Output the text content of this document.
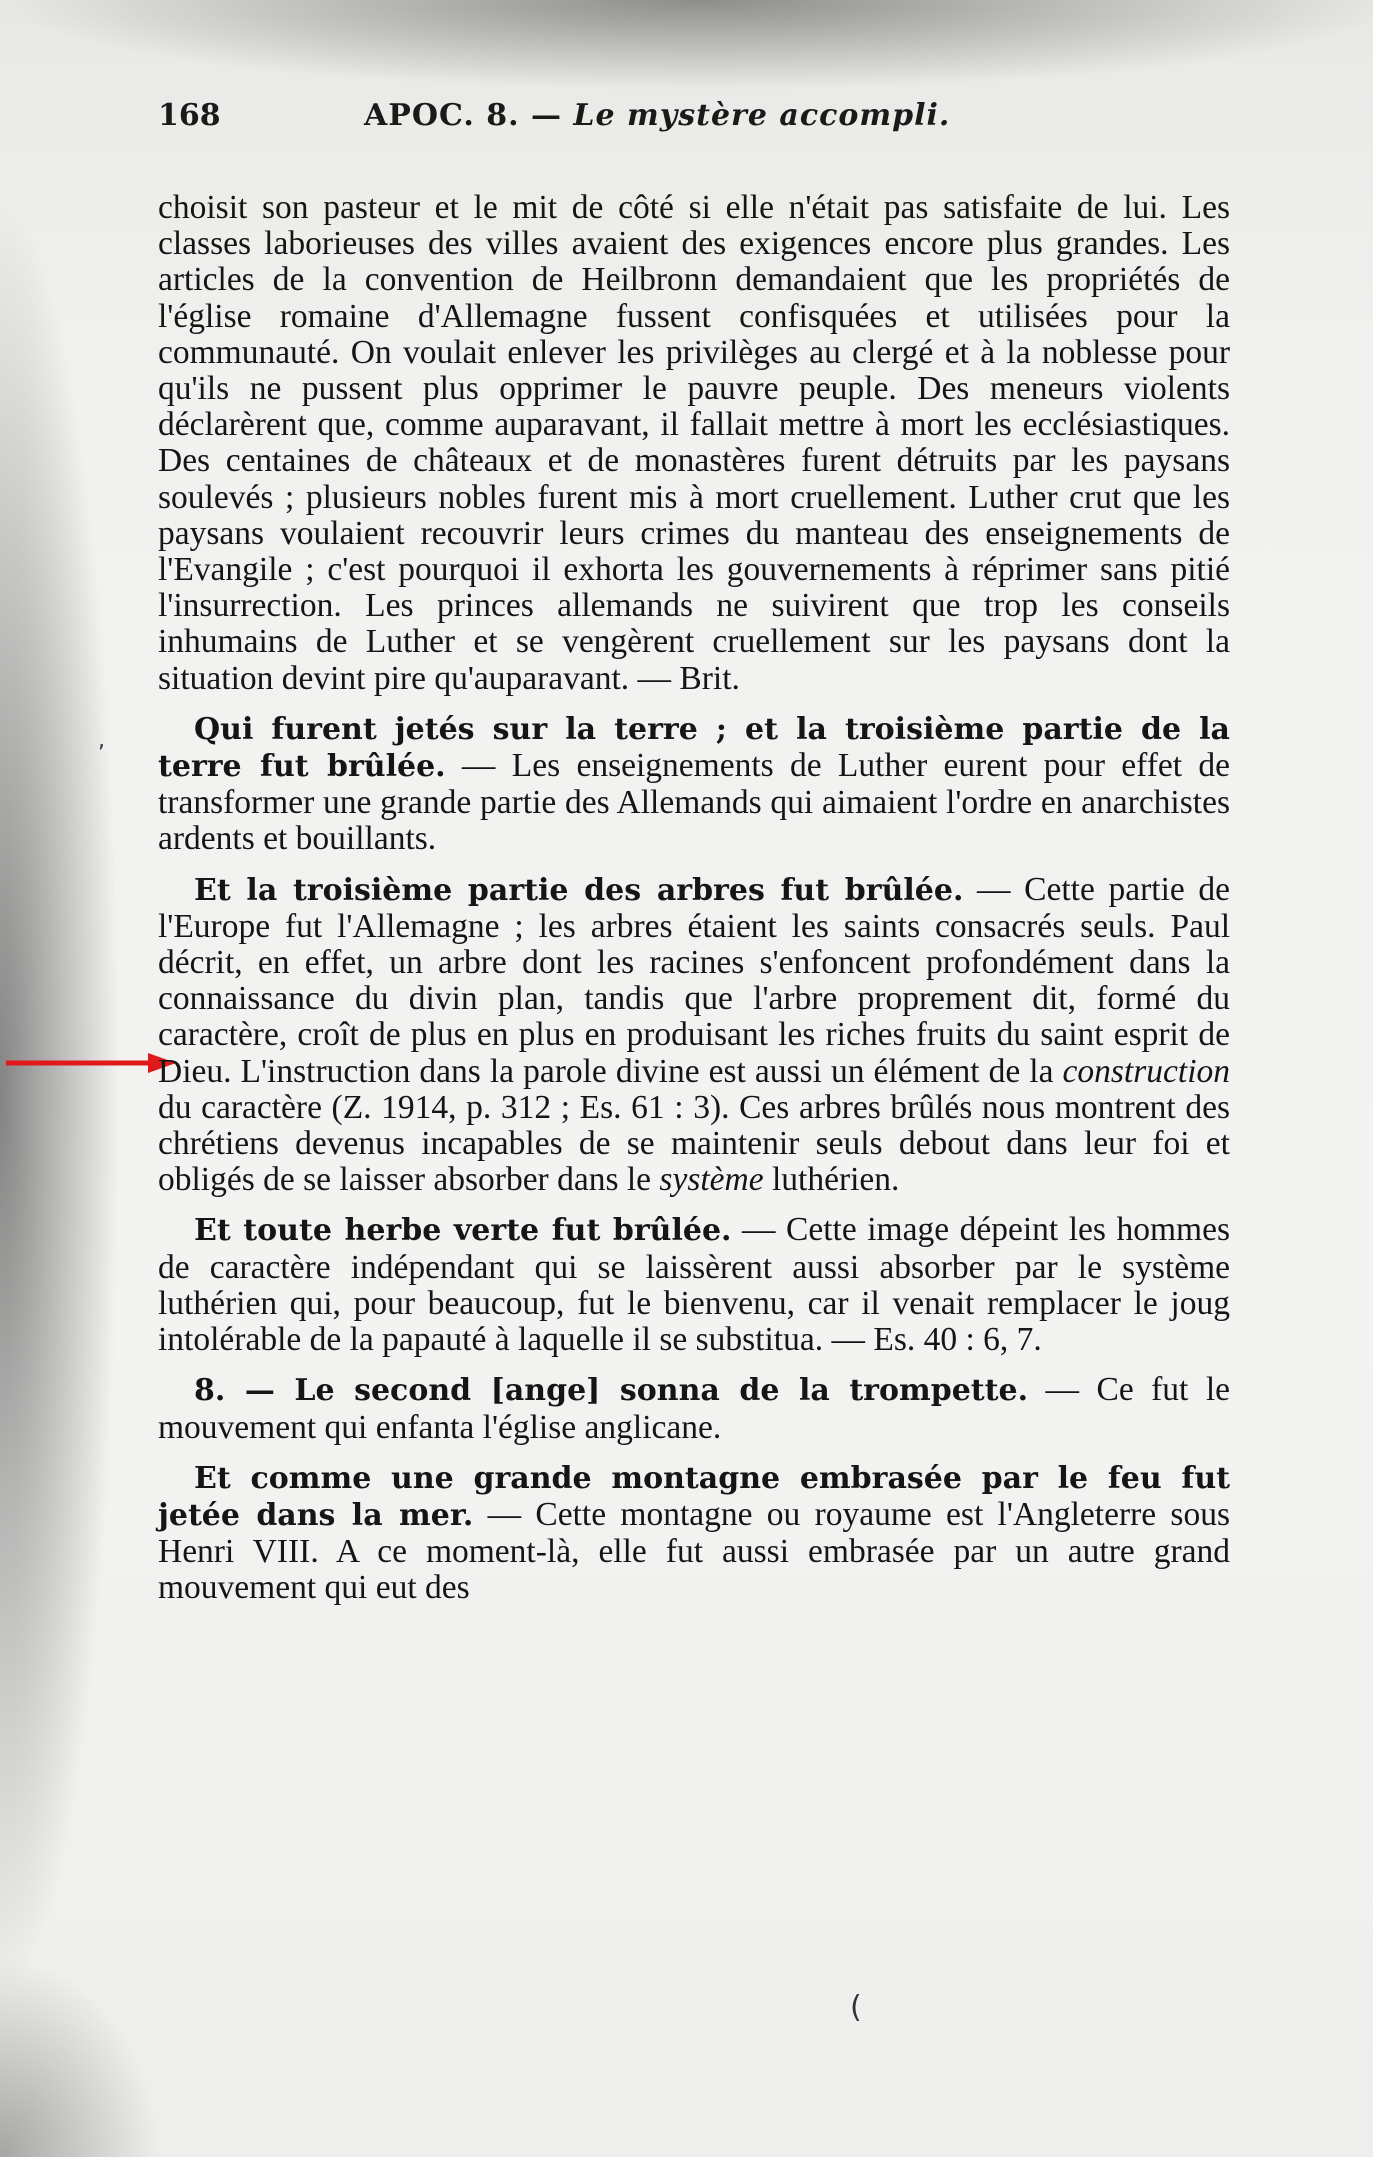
168	APOC. 8. — Le mystère accompli.

choisit son pasteur et le mit de côté si elle n'était pas satisfaite de lui. Les classes laborieuses des villes avaient des exigences encore plus grandes. Les articles de la convention de Heilbronn demandaient que les propriétés de l'église romaine d'Allemagne fussent confisquées et utilisées pour la communauté. On voulait enlever les privilèges au clergé et à la noblesse pour qu'ils ne pussent plus opprimer le pauvre peuple. Des meneurs violents déclarèrent que, comme auparavant, il fallait mettre à mort les ecclésiastiques. Des centaines de châteaux et de monastères furent détruits par les paysans soulevés ; plusieurs nobles furent mis à mort cruellement. Luther crut que les paysans voulaient recouvrir leurs crimes du manteau des enseignements de l'Evangile ; c'est pourquoi il exhorta les gouvernements à réprimer sans pitié l'insurrection. Les princes allemands ne suivirent que trop les conseils inhumains de Luther et se vengèrent cruellement sur les paysans dont la situation devint pire qu'auparavant. — Brit.

Qui furent jetés sur la terre ; et la troisième partie de la terre fut brûlée. — Les enseignements de Luther eurent pour effet de transformer une grande partie des Allemands qui aimaient l'ordre en anarchistes ardents et bouillants.

Et la troisième partie des arbres fut brûlée. — Cette partie de l'Europe fut l'Allemagne ; les arbres étaient les saints consacrés seuls. Paul décrit, en effet, un arbre dont les racines s'enfoncent profondément dans la connaissance du divin plan, tandis que l'arbre proprement dit, formé du caractère, croît de plus en plus en produisant les riches fruits du saint esprit de Dieu. L'instruction dans la parole divine est aussi un élément de la construction du caractère (Z. 1914, p. 312 ; Es. 61 : 3). Ces arbres brûlés nous montrent des chrétiens devenus incapables de se maintenir seuls debout dans leur foi et obligés de se laisser absorber dans le système luthérien.

Et toute herbe verte fut brûlée. — Cette image dépeint les hommes de caractère indépendant qui se laissèrent aussi absorber par le système luthérien qui, pour beaucoup, fut le bienvenu, car il venait remplacer le joug intolérable de la papauté à laquelle il se substitua. — Es. 40 : 6, 7.

8. — Le second [ange] sonna de la trompette. — Ce fut le mouvement qui enfanta l'église anglicane.

Et comme une grande montagne embrasée par le feu fut jetée dans la mer. — Cette montagne ou royaume est l'Angleterre sous Henri VIII. A ce moment-là, elle fut aussi embrasée par un autre grand mouvement qui eut des

,
(
